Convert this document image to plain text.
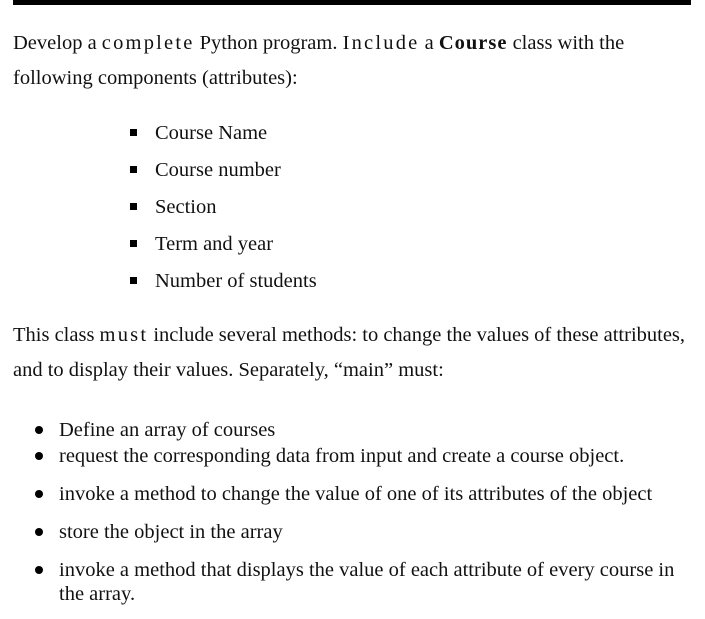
Develop a complete Python program. Include a Course class with the following components (attributes):

Course Name
Course number
Section
Term and year
Number of students

This class must include several methods: to change the values of these attributes, and to display their values. Separately, “main” must:

Define an array of courses
request the corresponding data from input and create a course object.
invoke a method to change the value of one of its attributes of the object
store the object in the array
invoke a method that displays the value of each attribute of every course in the array.
